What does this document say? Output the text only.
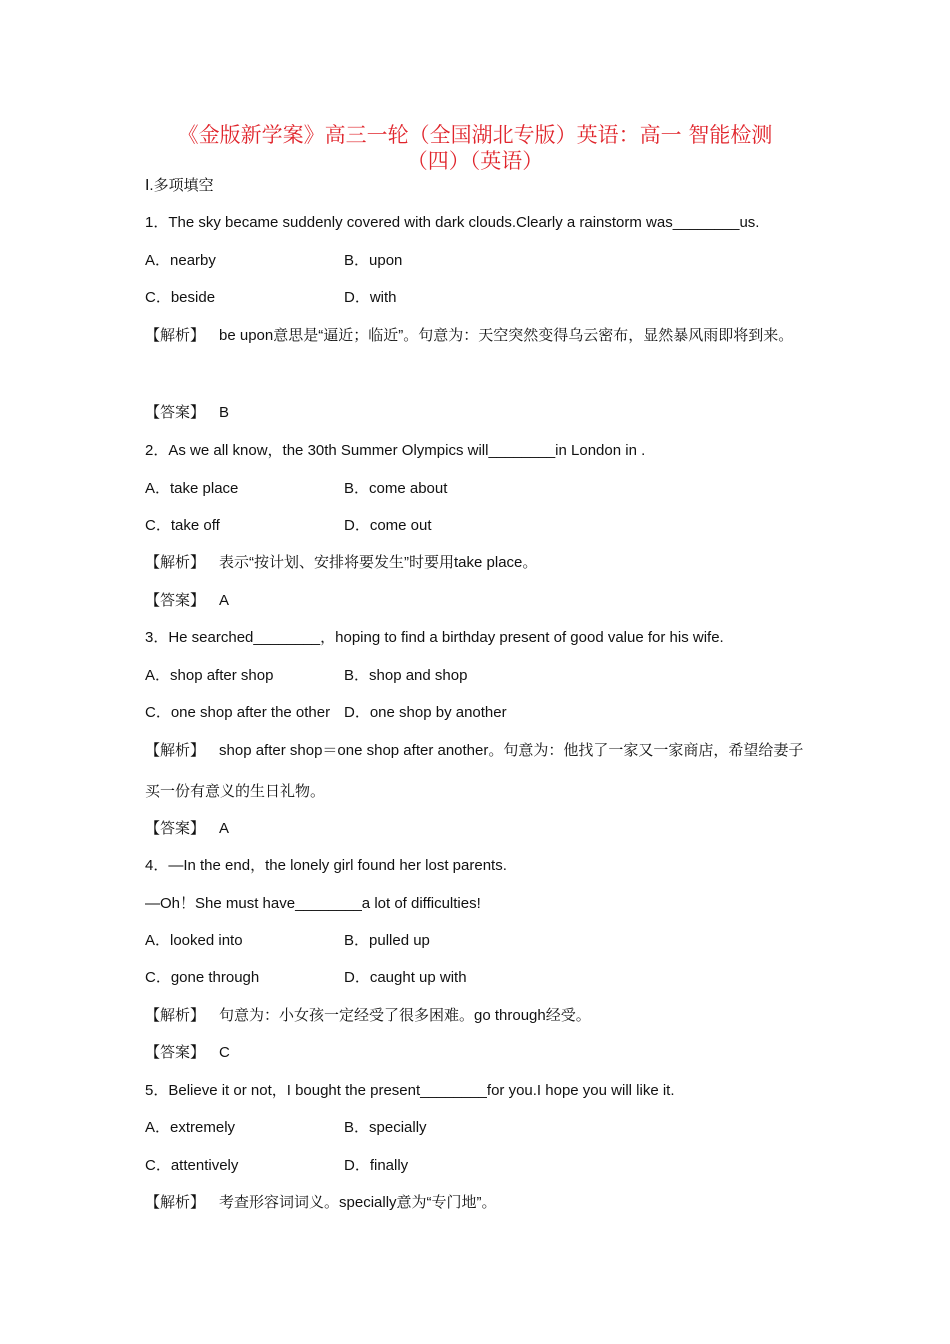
《金版新学案》高三一轮（全国湖北专版）英语：高一 智能检测
（四）（英语）
Ⅰ.多项填空
1．The sky became suddenly covered with dark clouds.Clearly a rainstorm was________us.
A．nearby	B．upon
C．beside	D．with
【解析】 be upon意思是“逼近；临近”。句意为：天空突然变得乌云密布，显然暴风雨即将到来。
【答案】 B
2．As we all know，the 30th Summer Olympics will________in London in .
A．take place	B．come about
C．take off	D．come out
【解析】 表示“按计划、安排将要发生”时要用take place。
【答案】 A
3．He searched________，hoping to find a birthday present of good value for his wife.
A．shop after shop	B．shop and shop
C．one shop after the other D．one shop by another
【解析】 shop after shop＝one shop after another。句意为：他找了一家又一家商店，希望给妻子买一份有意义的生日礼物。
【答案】 A
4．—In the end，the lonely girl found her lost parents.
—Oh！She must have________a lot of difficulties!
A．looked into	B．pulled up
C．gone through	D．caught up with
【解析】 句意为：小女孩一定经受了很多困难。go through经受。
【答案】 C
5．Believe it or not，I bought the present________for you.I hope you will like it.
A．extremely	B．specially
C．attentively	D．finally
【解析】 考查形容词词义。specially意为“专门地”。
